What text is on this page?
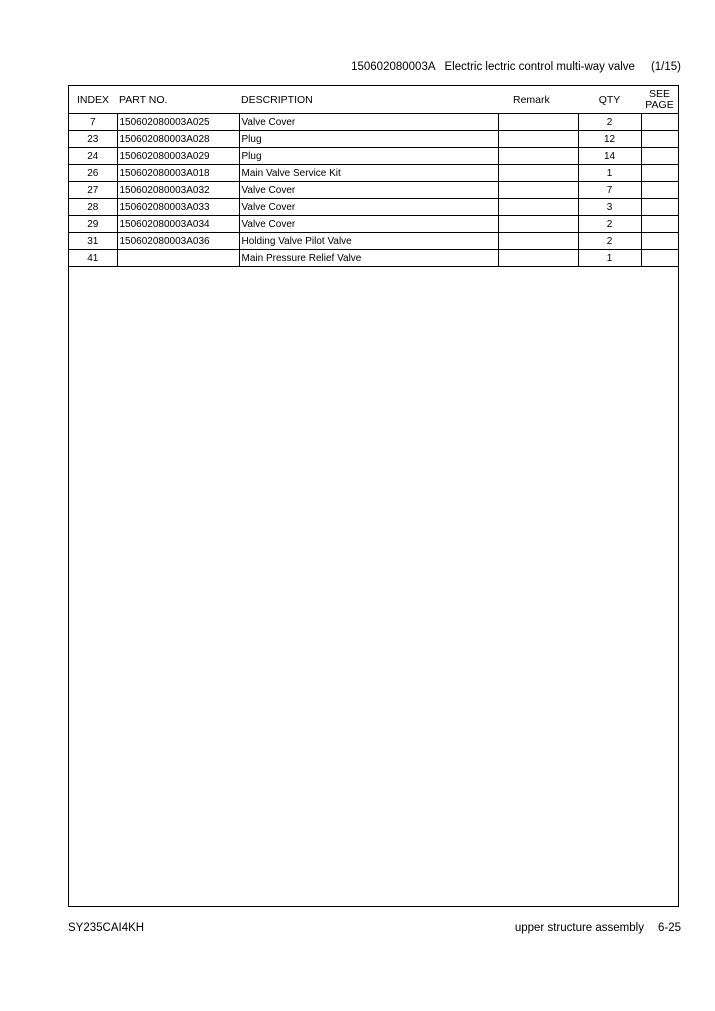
150602080003A Electric lectric control multi-way valve (1/15)
INDEX	PART NO.	DESCRIPTION	Remark	QTY	SEE
PAGE
7	150602080003A025	Valve Cover		2	
23	150602080003A028	Plug		12	
24	150602080003A029	Plug		14	
26	150602080003A018	Main Valve Service Kit		1	
27	150602080003A032	Valve Cover		7	
28	150602080003A033	Valve Cover		3	
29	150602080003A034	Valve Cover		2	
31	150602080003A036	Holding Valve Pilot Valve		2	
41		Main Pressure Relief Valve		1	
SY235CAI4KH	upper structure assembly 6-25
